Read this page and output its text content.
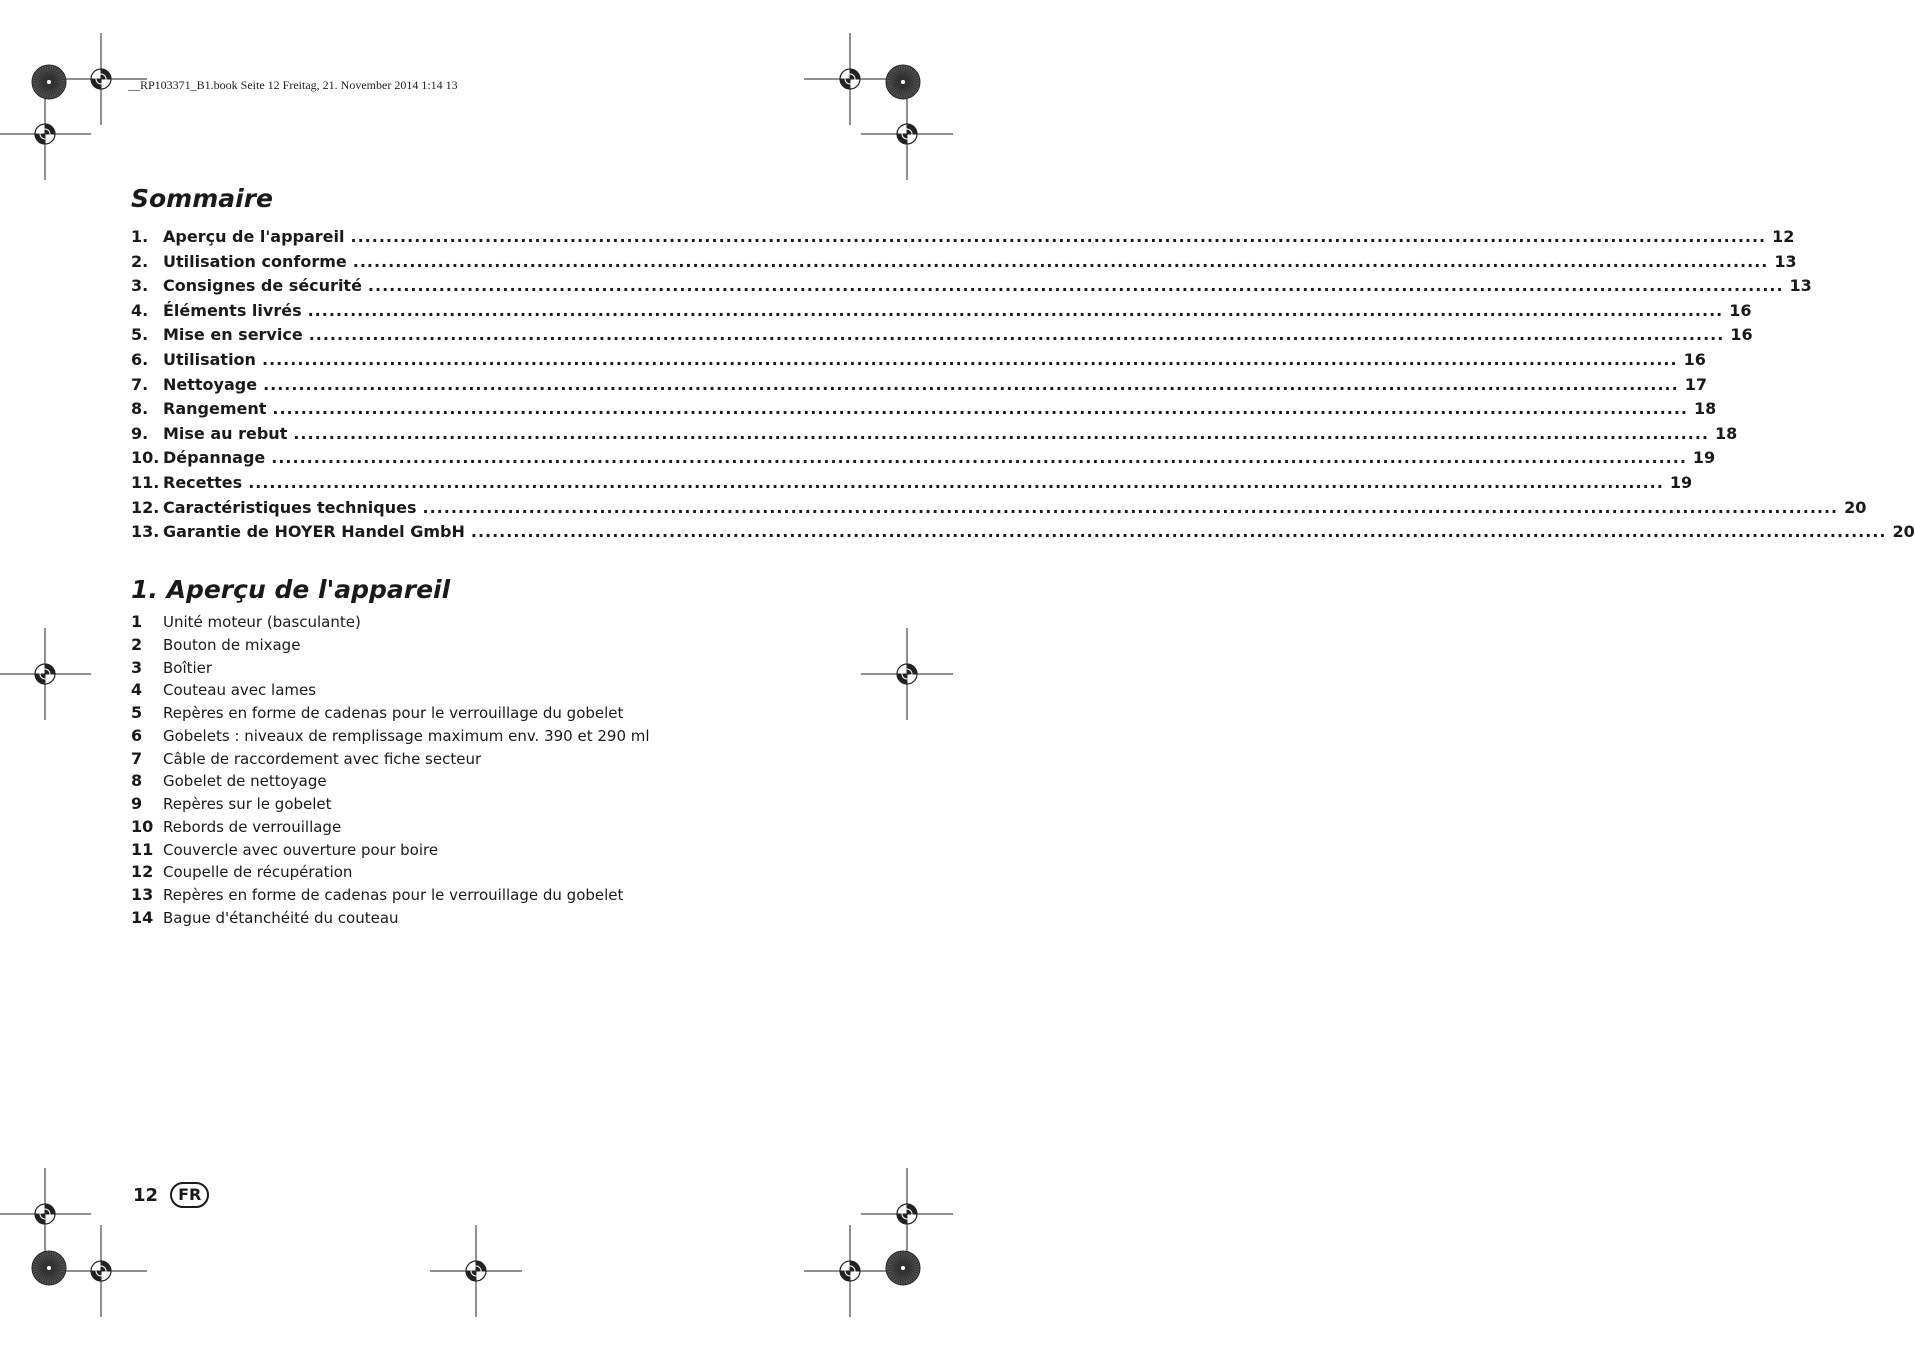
__RP103371_B1.book Seite 12 Freitag, 21. November 2014 1:14 13
Sommaire
1. Aperçu de l'appareil ........................................................................................................................................................................................................ 12
2. Utilisation conforme ........................................................................................................................................................................................................ 13
3. Consignes de sécurité ........................................................................................................................................................................................................ 13
4. Éléments livrés ........................................................................................................................................................................................................ 16
5. Mise en service ........................................................................................................................................................................................................ 16
6. Utilisation ........................................................................................................................................................................................................ 16
7. Nettoyage ........................................................................................................................................................................................................ 17
8. Rangement ........................................................................................................................................................................................................ 18
9. Mise au rebut ........................................................................................................................................................................................................ 18
10. Dépannage ........................................................................................................................................................................................................ 19
11. Recettes ........................................................................................................................................................................................................ 19
12. Caractéristiques techniques ........................................................................................................................................................................................................ 20
13. Garantie de HOYER Handel GmbH ........................................................................................................................................................................................................ 20
1. Aperçu de l'appareil
1	Unité moteur (basculante)
2	Bouton de mixage
3	Boîtier
4	Couteau avec lames
5	Repères en forme de cadenas pour le verrouillage du gobelet
6	Gobelets : niveaux de remplissage maximum env. 390 et 290 ml
7	Câble de raccordement avec fiche secteur
8	Gobelet de nettoyage
9	Repères sur le gobelet
10 Rebords de verrouillage
11 Couvercle avec ouverture pour boire
12 Coupelle de récupération
13 Repères en forme de cadenas pour le verrouillage du gobelet
14 Bague d'étanchéité du couteau
12	FR
